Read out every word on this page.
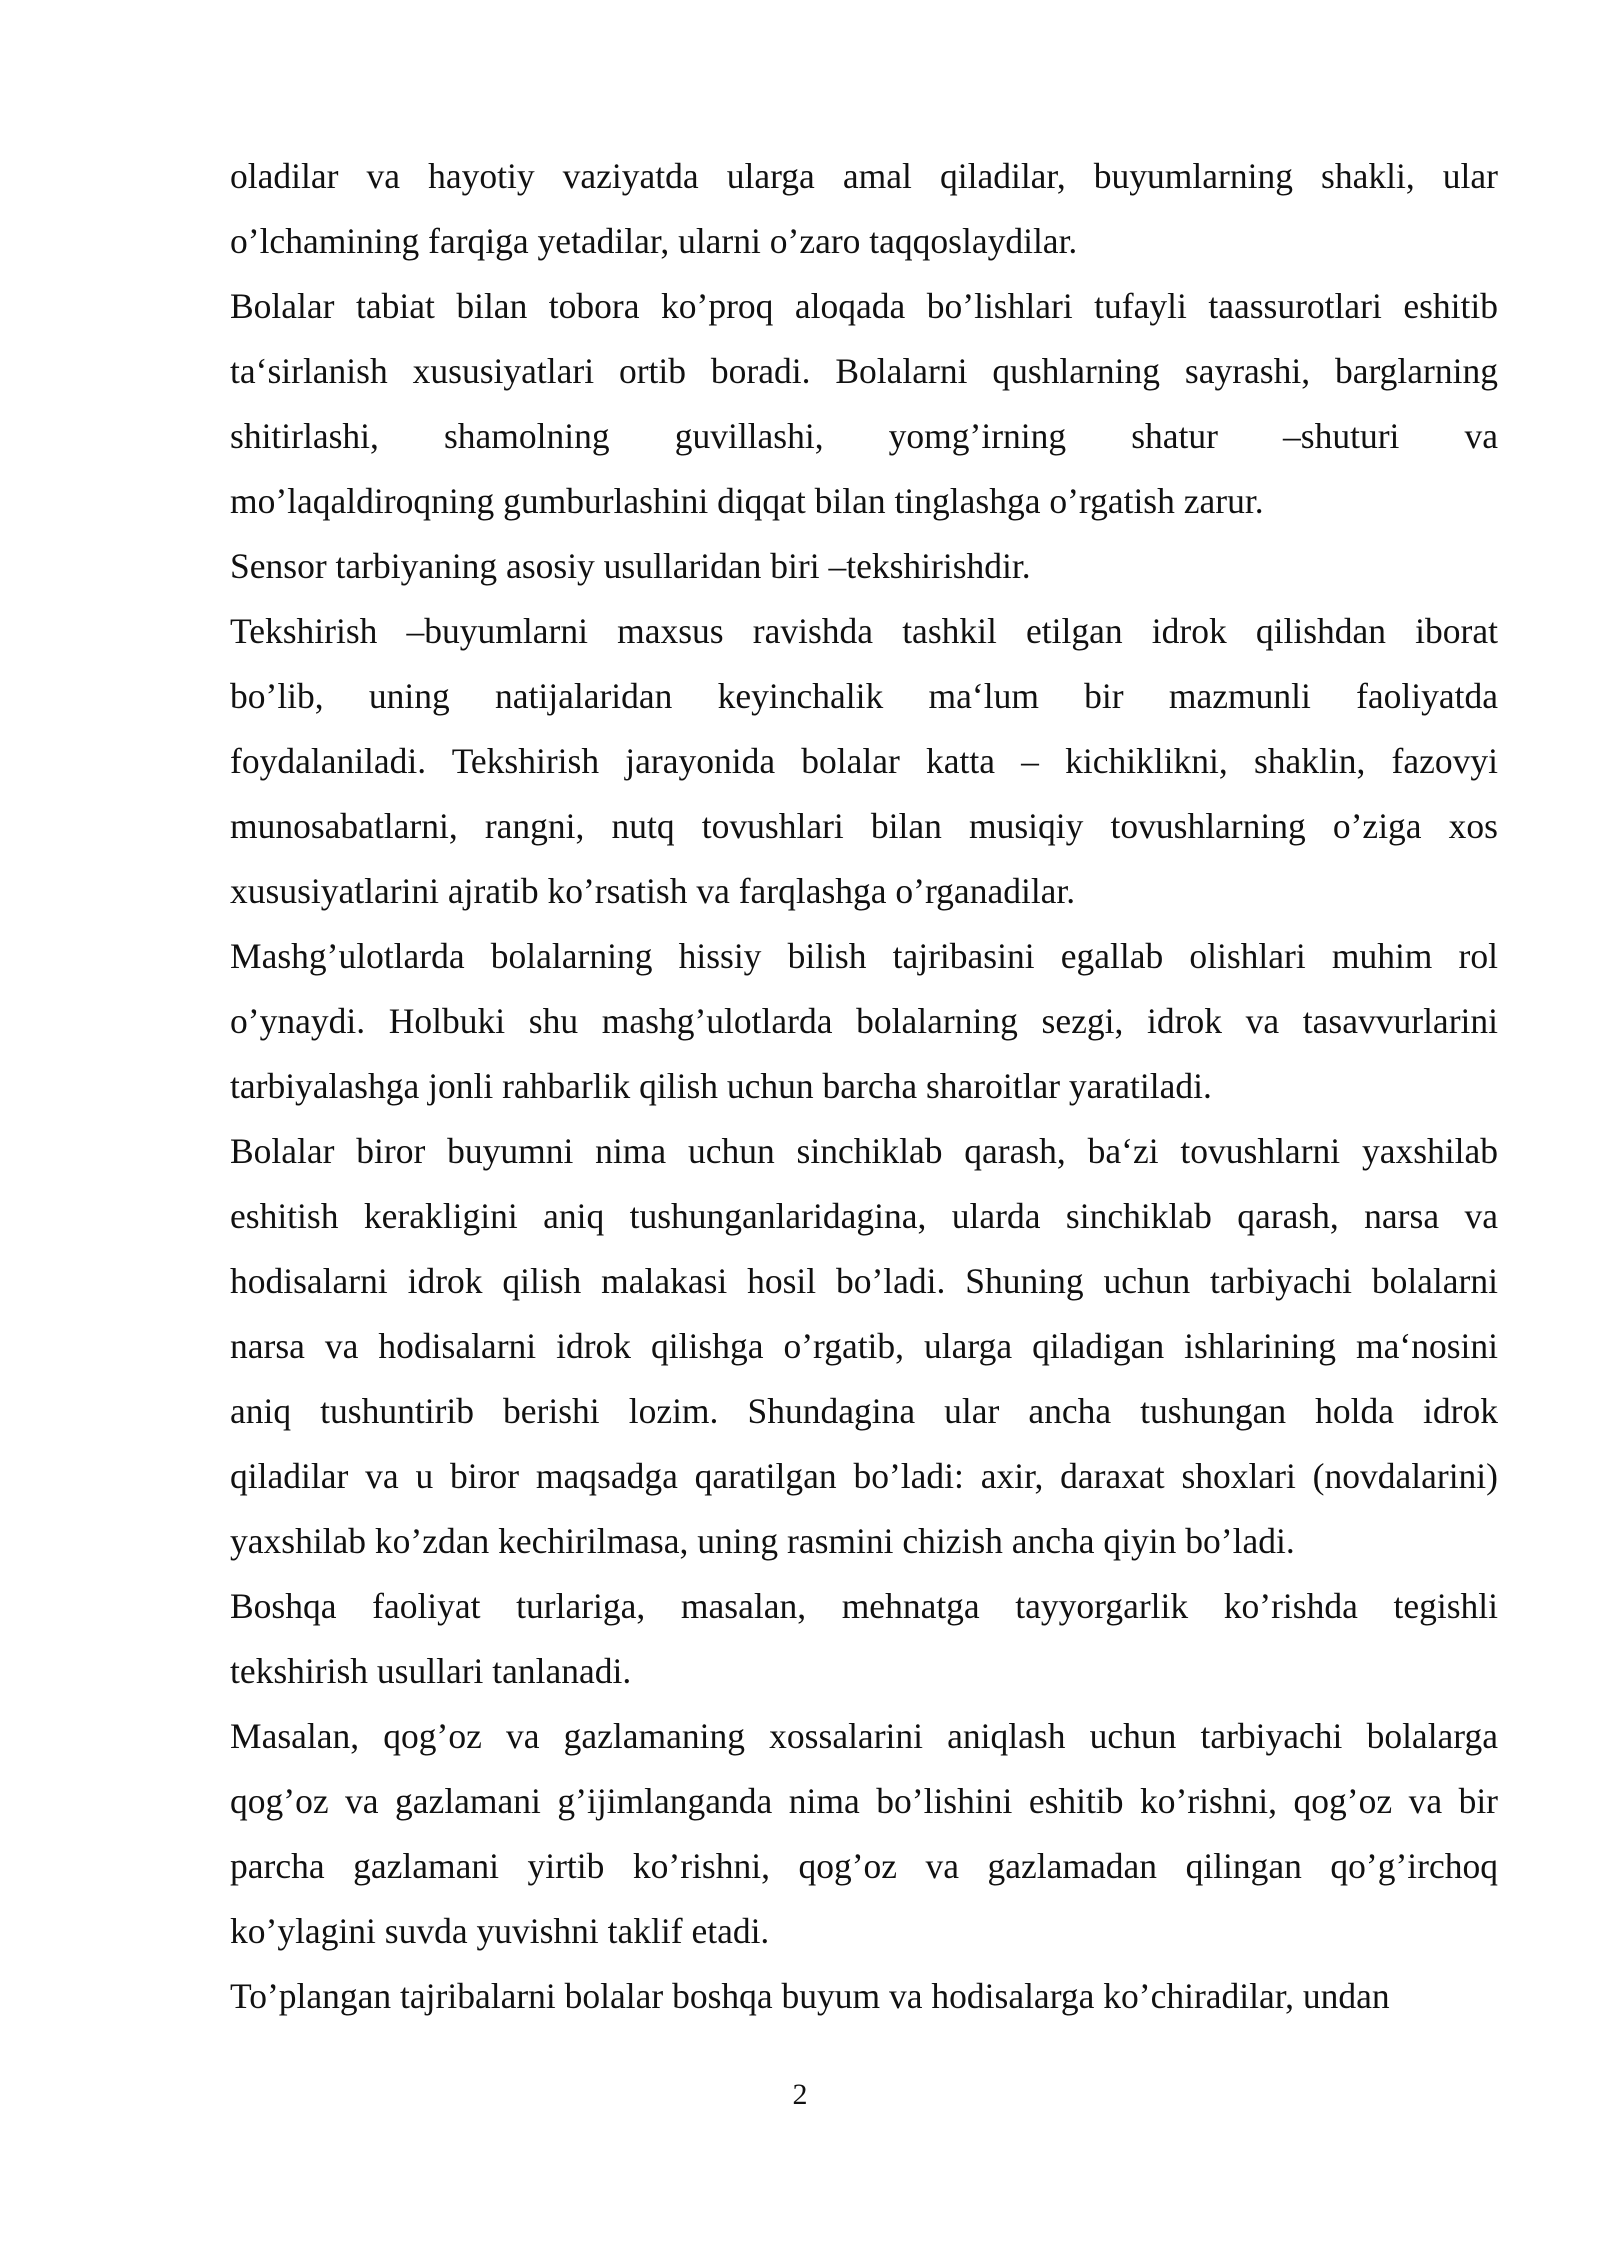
oladilar va hayotiy vaziyatda ularga amal qiladilar, buyumlarning shakli, ular
o’lchamining farqiga yetadilar, ularni o’zaro taqqoslaydilar.
Bolalar tabiat bilan tobora ko’proq aloqada bo’lishlari tufayli taassurotlari eshitib
ta‘sirlanish xususiyatlari ortib boradi. Bolalarni qushlarning sayrashi, barglarning
shitirlashi, shamolning guvillashi, yomg’irning shatur –shuturi va
mo’laqaldiroqning gumburlashini diqqat bilan tinglashga o’rgatish zarur.
Sensor tarbiyaning asosiy usullaridan biri –tekshirishdir.
Tekshirish –buyumlarni maxsus ravishda tashkil etilgan idrok qilishdan iborat
bo’lib, uning natijalaridan keyinchalik ma‘lum bir mazmunli faoliyatda
foydalaniladi. Tekshirish jarayonida bolalar katta – kichiklikni, shaklin, fazovyi
munosabatlarni, rangni, nutq tovushlari bilan musiqiy tovushlarning o’ziga xos
xususiyatlarini ajratib ko’rsatish va farqlashga o’rganadilar.
Mashg’ulotlarda bolalarning hissiy bilish tajribasini egallab olishlari muhim rol
o’ynaydi. Holbuki shu mashg’ulotlarda bolalarning sezgi, idrok va tasavvurlarini
tarbiyalashga jonli rahbarlik qilish uchun barcha sharoitlar yaratiladi.
Bolalar biror buyumni nima uchun sinchiklab qarash, ba‘zi tovushlarni yaxshilab
eshitish kerakligini aniq tushunganlaridagina, ularda sinchiklab qarash, narsa va
hodisalarni idrok qilish malakasi hosil bo’ladi. Shuning uchun tarbiyachi bolalarni
narsa va hodisalarni idrok qilishga o’rgatib, ularga qiladigan ishlarining ma‘nosini
aniq tushuntirib berishi lozim. Shundagina ular ancha tushungan holda idrok
qiladilar va u biror maqsadga qaratilgan bo’ladi: axir, daraxat shoxlari (novdalarini)
yaxshilab ko’zdan kechirilmasa, uning rasmini chizish ancha qiyin bo’ladi.
Boshqa faoliyat turlariga, masalan, mehnatga tayyorgarlik ko’rishda tegishli
tekshirish usullari tanlanadi.
Masalan, qog’oz va gazlamaning xossalarini aniqlash uchun tarbiyachi bolalarga
qog’oz va gazlamani g’ijimlanganda nima bo’lishini eshitib ko’rishni, qog’oz va bir
parcha gazlamani yirtib ko’rishni, qog’oz va gazlamadan qilingan qo’g’irchoq
ko’ylagini suvda yuvishni taklif etadi.
To’plangan tajribalarni bolalar boshqa buyum va hodisalarga ko’chiradilar, undan
2
